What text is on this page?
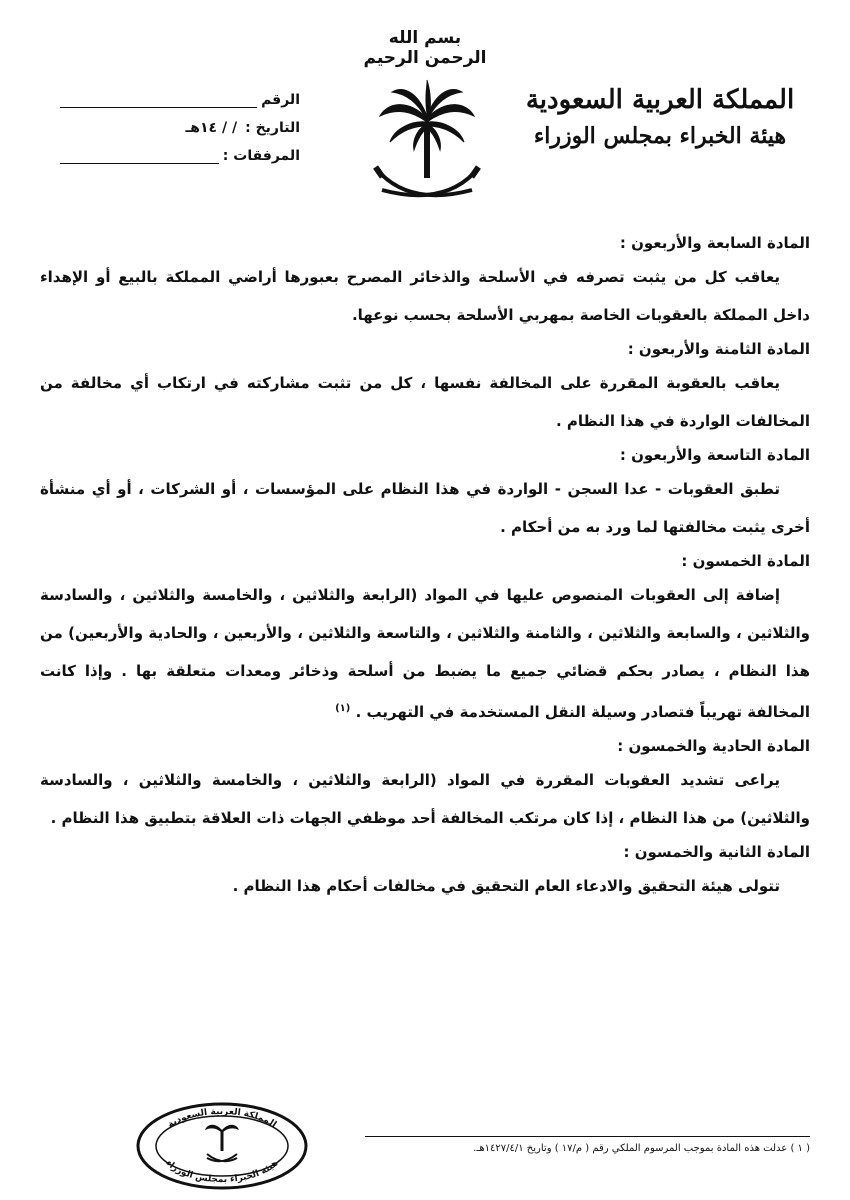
بسم الله الرحمن الرحيم
المملكة العربية السعودية
هيئة الخبراء بمجلس الوزراء
الرقم
التاريخ :
/ / ١٤هـ
المرفقات :
المادة السابعة والأربعون :
يعاقب كل من يثبت تصرفه في الأسلحة والذخائر المصرح بعبورها أراضي المملكة بالبيع أو الإهداء داخل المملكة بالعقوبات الخاصة بمهربي الأسلحة بحسب نوعها.
المادة الثامنة والأربعون :
يعاقب بالعقوبة المقررة على المخالفة نفسها ، كل من تثبت مشاركته في ارتكاب أي مخالفة من المخالفات الواردة في هذا النظام .
المادة التاسعة والأربعون :
تطبق العقوبات - عدا السجن - الواردة في هذا النظام على المؤسسات ، أو الشركات ، أو أي منشأة أخرى يثبت مخالفتها لما ورد به من أحكام .
المادة الخمسون :
إضافة إلى العقوبات المنصوص عليها في المواد (الرابعة والثلاثين ، والخامسة والثلاثين ، والسادسة والثلاثين ، والسابعة والثلاثين ، والثامنة والثلاثين ، والتاسعة والثلاثين ، والأربعين ، والحادية والأربعين) من هذا النظام ، يصادر بحكم قضائي جميع ما يضبط من أسلحة وذخائر ومعدات متعلقة بها . وإذا كانت المخالفة تهريباً فتصادر وسيلة النقل المستخدمة في التهريب . $^{(١)}$
المادة الحادية والخمسون :
يراعى تشديد العقوبات المقررة في المواد (الرابعة والثلاثين ، والخامسة والثلاثين ، والسادسة والثلاثين) من هذا النظام ، إذا كان مرتكب المخالفة أحد موظفي الجهات ذات العلاقة بتطبيق هذا النظام .
المادة الثانية والخمسون :
تتولى هيئة التحقيق والادعاء العام التحقيق في مخالفات أحكام هذا النظام .
المملكة العربية السعودية
هيئة الخبراء بمجلس الوزراء
( ١ ) عدلت هذه المادة بموجب المرسوم الملكي رقم ( م/١٧ ) وتاريخ ١٤٢٧/٤/١هـ.
